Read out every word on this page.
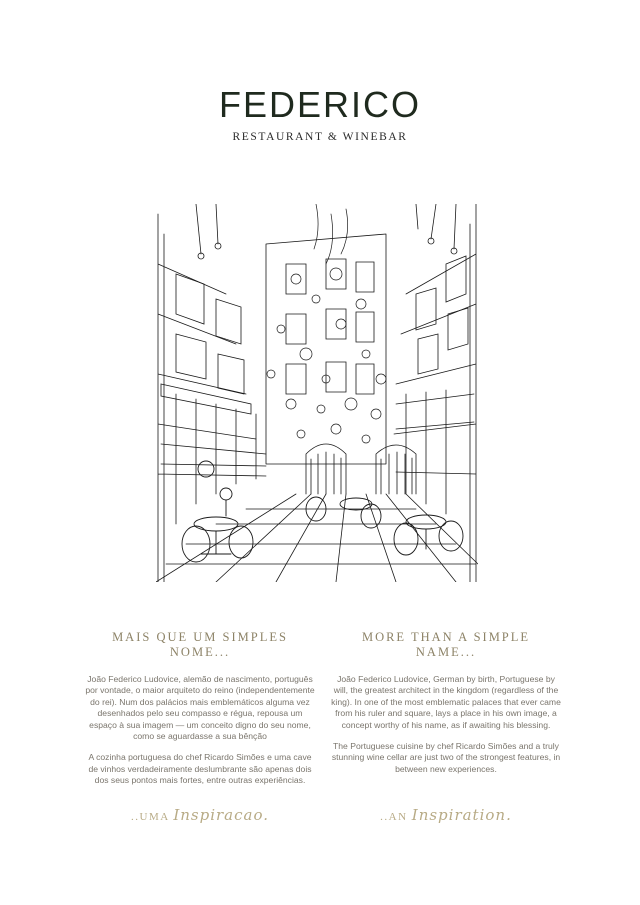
FEDERICO
RESTAURANT & WINEBAR
MAIS QUE UM SIMPLES NOME...

João Federico Ludovice, alemão de nascimento, português por vontade, o maior arquiteto do reino (independentemente do rei). Num dos palácios mais emblemáticos alguma vez desenhados pelo seu compasso e régua, repousa um espaço à sua imagem — um conceito digno do seu nome, como se aguardasse a sua bênção

A cozinha portuguesa do chef Ricardo Simões e uma cave de vinhos verdadeiramente deslumbrante são apenas dois dos seus pontos mais fortes, entre outras experiências.

MORE THAN A SIMPLE NAME...

João Federico Ludovice, German by birth, Portuguese by will, the greatest architect in the kingdom (regardless of the king). In one of the most emblematic palaces that ever came from his ruler and square, lays a place in his own image, a concept worthy of his name, as if awaiting his blessing.

The Portuguese cuisine by chef Ricardo Simões and a truly stunning wine cellar are just two of the strongest features, in between new experiences.

..UMA Inspiracao.	..AN Inspiration.
